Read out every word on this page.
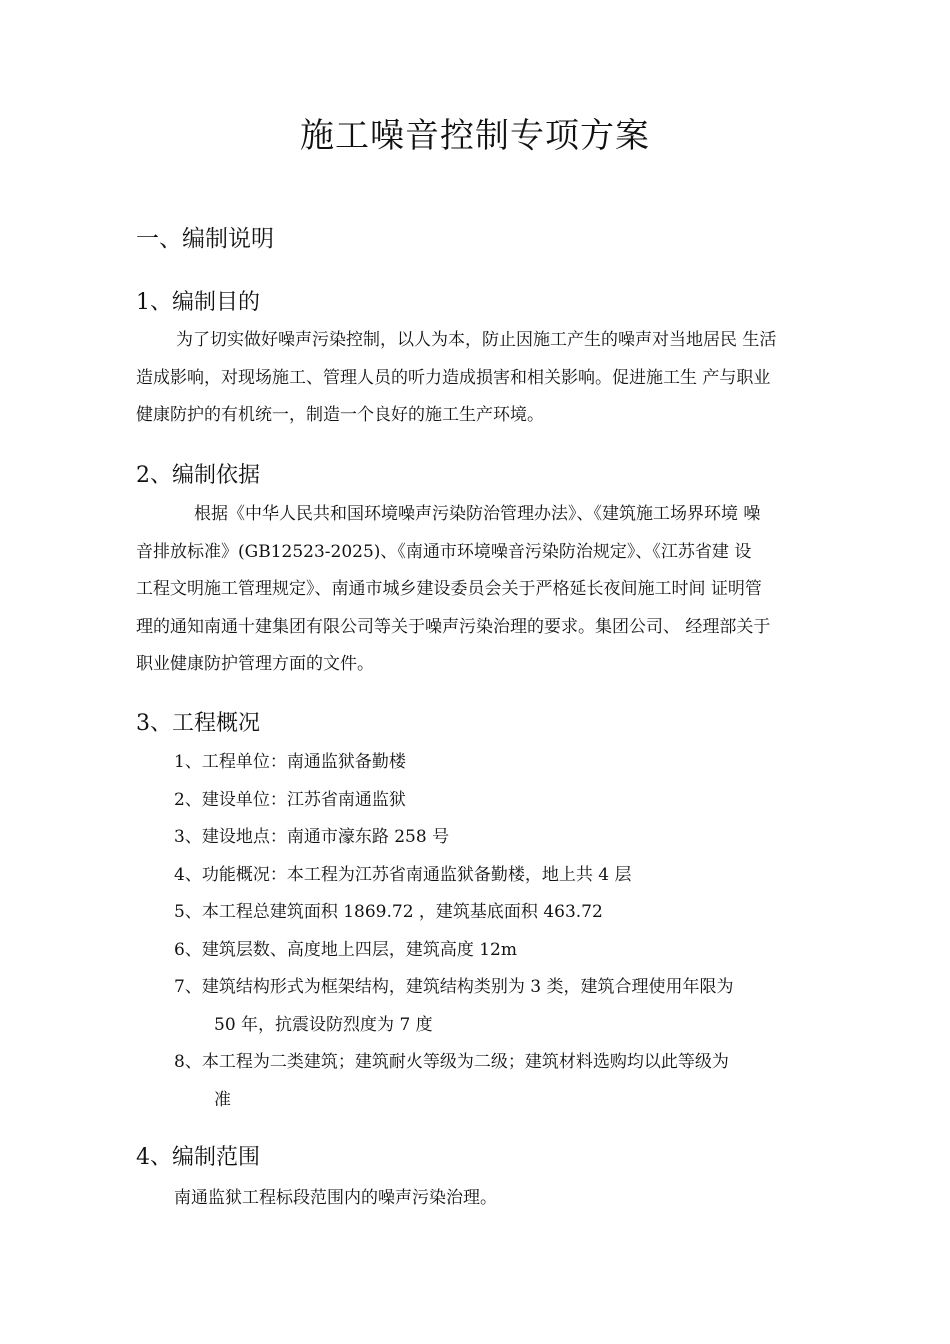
施工噪音控制专项方案
一、编制说明
1、编制目的
为了切实做好噪声污染控制，以人为本，防止因施工产生的噪声对当地居民 生活
造成影响，对现场施工、管理人员的听力造成损害和相关影响。促进施工生 产与职业
健康防护的有机统一，制造一个良好的施工生产环境。
2、编制依据
根据《中华人民共和国环境噪声污染防治管理办法》、《建筑施工场界环境 噪
音排放标准》(GB12523-2025)、《南通市环境噪音污染防治规定》、《江苏省建 设
工程文明施工管理规定》、南通市城乡建设委员会关于严格延长夜间施工时间 证明管
理的通知南通十建集团有限公司等关于噪声污染治理的要求。集团公司、 经理部关于
职业健康防护管理方面的文件。
3、工程概况
1、工程单位：南通监狱备勤楼
2、建设单位：江苏省南通监狱
3、建设地点：南通市濠东路 258 号
4、功能概况：本工程为江苏省南通监狱备勤楼，地上共 4 层
5、本工程总建筑面积 1869.72 ，建筑基底面积 463.72
6、建筑层数、高度地上四层，建筑高度 12m
7、建筑结构形式为框架结构，建筑结构类别为 3 类，建筑合理使用年限为
50 年，抗震设防烈度为 7 度
8、本工程为二类建筑；建筑耐火等级为二级；建筑材料选购均以此等级为
准
4、编制范围
南通监狱工程标段范围内的噪声污染治理。
